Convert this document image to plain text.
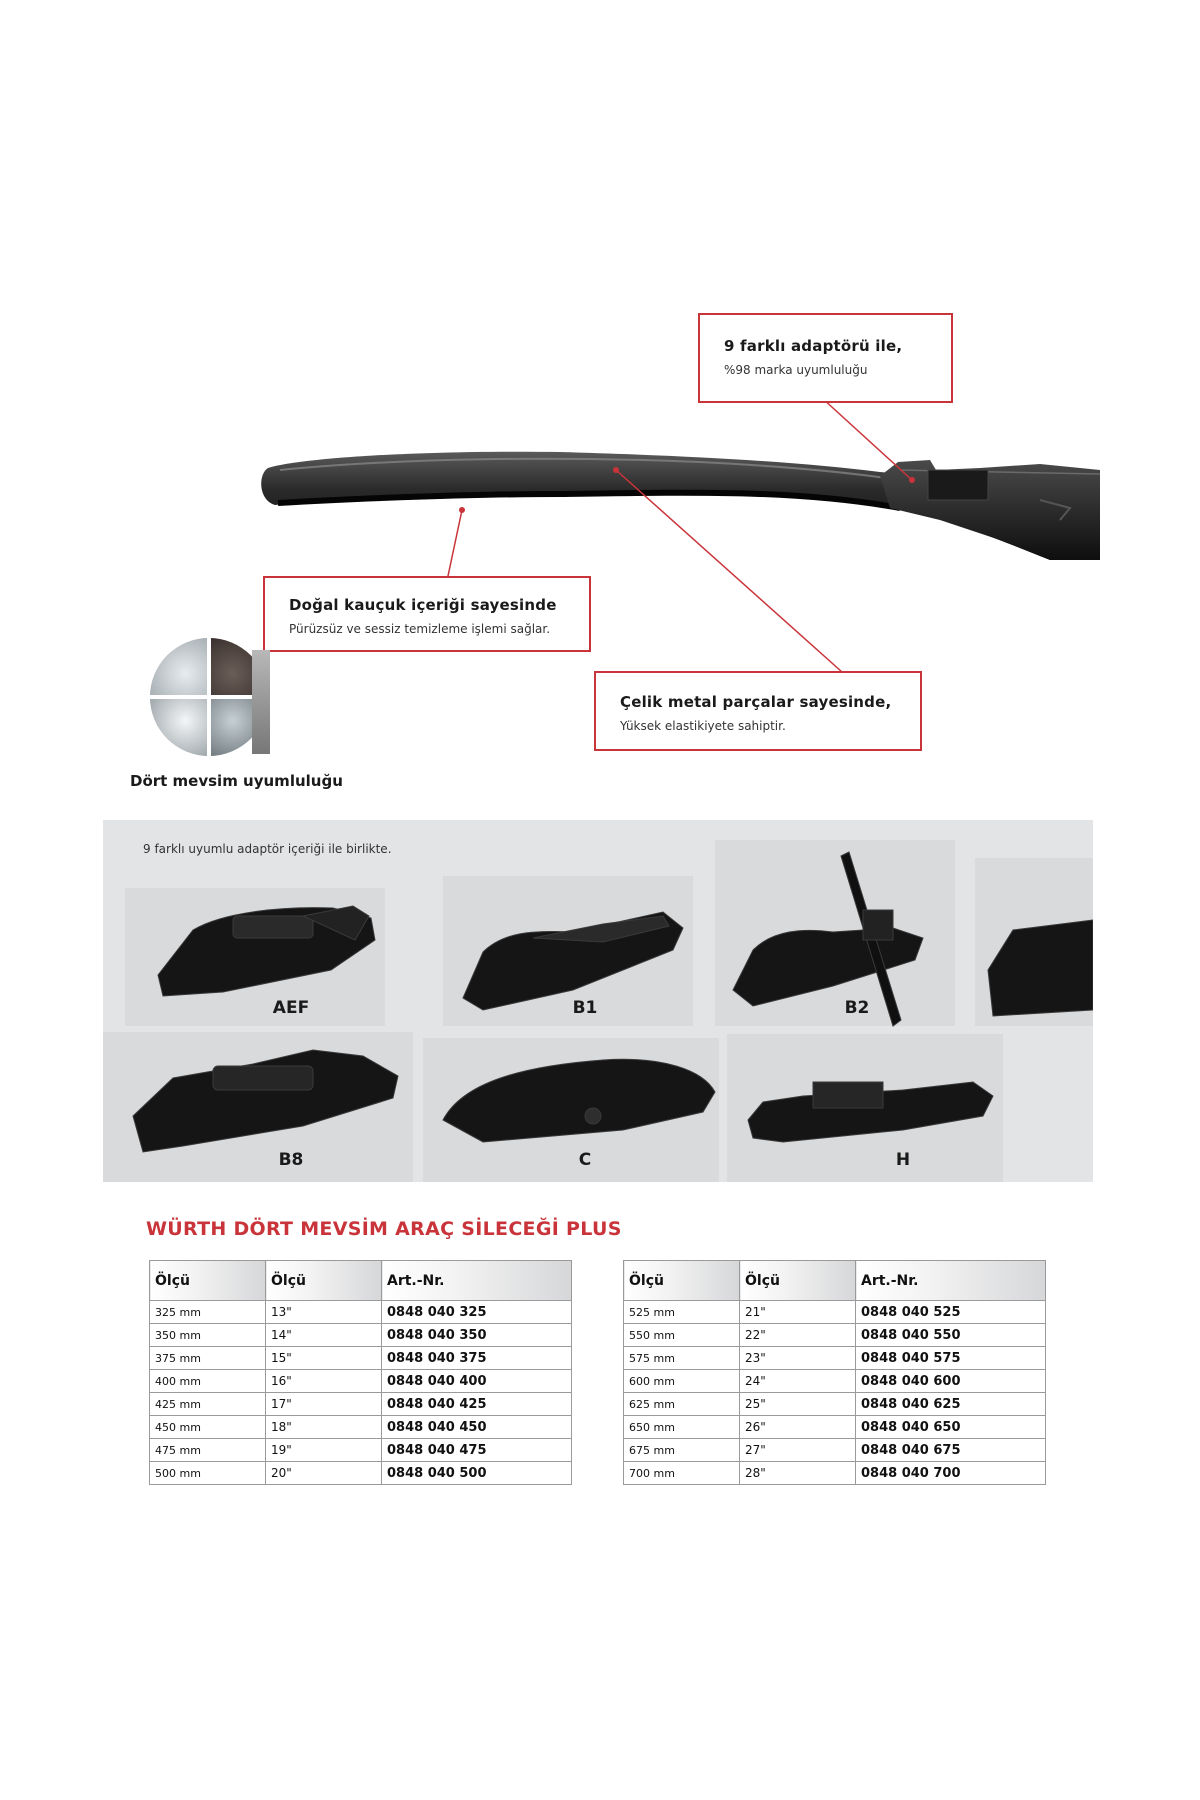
9 farklı adaptörü ile,
%98 marka uyumluluğu
Doğal kauçuk içeriği sayesinde
Pürüzsüz ve sessiz temizleme işlemi sağlar.
Çelik metal parçalar sayesinde,
Yüksek elastikiyete sahiptir.
Dört mevsim uyumluluğu
9 farklı uyumlu adaptör içeriği ile birlikte.
AEF	B1	B2
B8	C	H
WÜRTH DÖRT MEVSİM ARAÇ SİLECEĞİ PLUS
Ölçü	Ölçü	Art.-Nr.
325 mm	13"	0848 040 325
350 mm	14"	0848 040 350
375 mm	15"	0848 040 375
400 mm	16"	0848 040 400
425 mm	17"	0848 040 425
450 mm	18"	0848 040 450
475 mm	19"	0848 040 475
500 mm	20"	0848 040 500
Ölçü	Ölçü	Art.-Nr.
525 mm	21"	0848 040 525
550 mm	22"	0848 040 550
575 mm	23"	0848 040 575
600 mm	24"	0848 040 600
625 mm	25"	0848 040 625
650 mm	26"	0848 040 650
675 mm	27"	0848 040 675
700 mm	28"	0848 040 700
